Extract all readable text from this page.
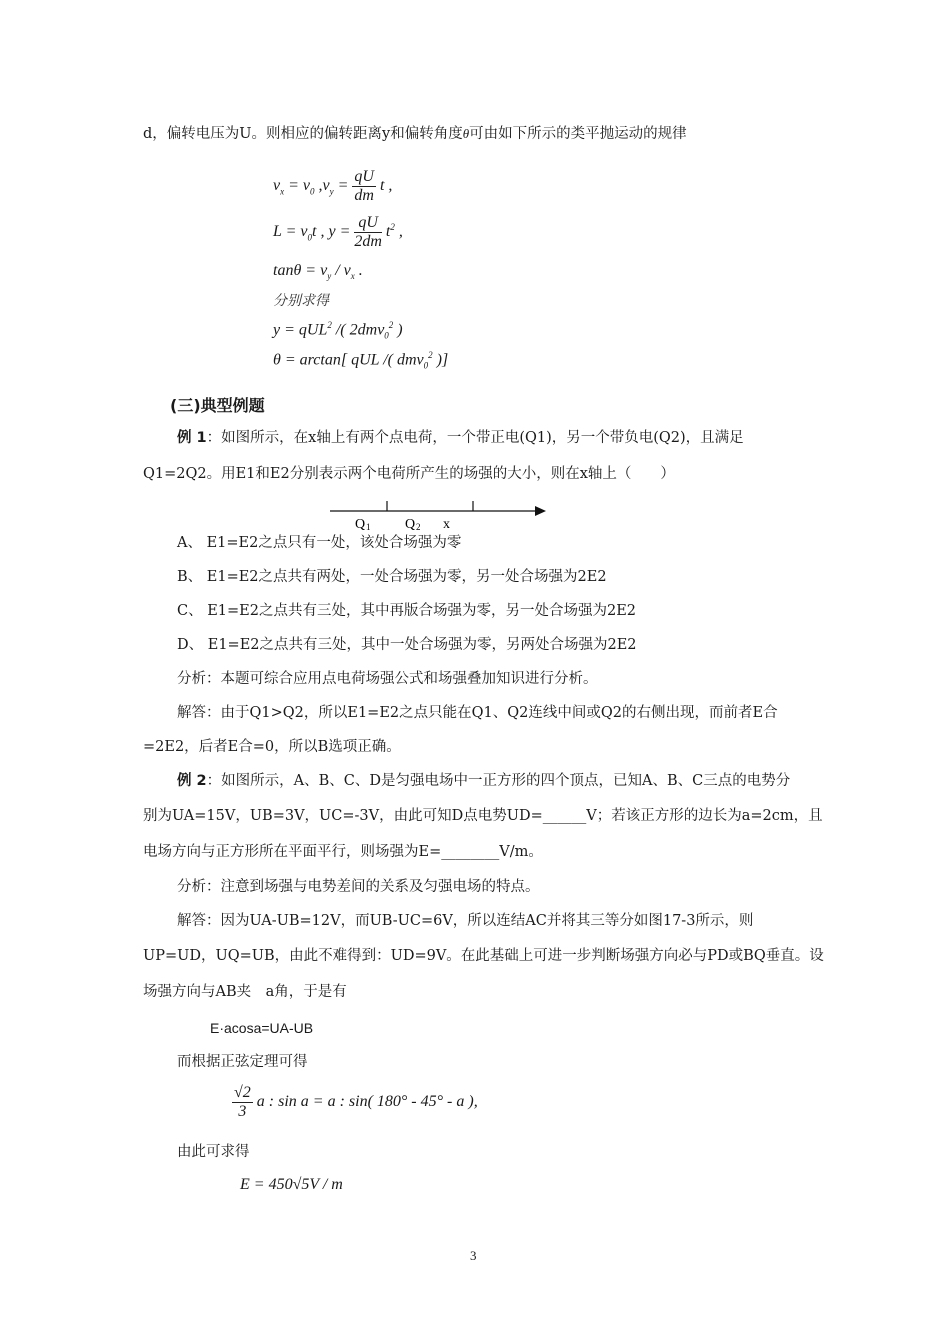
d，偏转电压为U。则相应的偏转距离y和偏转角度θ可由如下所示的类平抛运动的规律
$v_x = v_0$ $,v_y = \frac{qU}{dm}$ t ,
$L = v_0t$ , $y = \frac{qU}{2dm} t^2$ ,
$\tan\theta = v_y / v_x$ .
分别求得
y = qUL$^2$ /( 2dmv$_0^2$ )
θ = arctan[ qUL /( dmv$_0^2$ )]
(三)典型例题
例 1：如图所示，在x轴上有两个点电荷，一个带正电(Q1)，另一个带负电(Q2)，且满足
Q1=2Q2。用E1和E2分别表示两个电荷所产生的场强的大小，则在x轴上（　　）
Q 1 Q 2 x
A、 E1=E2之点只有一处，该处合场强为零
B、 E1=E2之点共有两处，一处合场强为零，另一处合场强为2E2
C、 E1=E2之点共有三处，其中再版合场强为零，另一处合场强为2E2
D、 E1=E2之点共有三处，其中一处合场强为零，另两处合场强为2E2
分析：本题可综合应用点电荷场强公式和场强叠加知识进行分析。
解答：由于Q1>Q2，所以E1=E2之点只能在Q1、Q2连线中间或Q2的右侧出现，而前者E合
=2E2，后者E合=0，所以B选项正确。
例 2：如图所示，A、B、C、D是匀强电场中一正方形的四个顶点，已知A、B、C三点的电势分
别为UA=15V，UB=3V，UC=-3V，由此可知D点电势UD=______V；若该正方形的边长为a=2cm，且
电场方向与正方形所在平面平行，则场强为E=________V/m。
分析：注意到场强与电势差间的关系及匀强电场的特点。
解答：因为UA-UB=12V，而UB-UC=6V，所以连结AC并将其三等分如图17-3所示，则
UP=UD，UQ=UB，由此不难得到：UD=9V。在此基础上可进一步判断场强方向必与PD或BQ垂直。设
场强方向与AB夹　a角，于是有
E·acosa=UA-UB
而根据正弦定理可得
$\frac{√2}{3}$ a : sin a = a : sin( 180° - 45° - a ),
由此可求得
E = 450√5V / m
3
